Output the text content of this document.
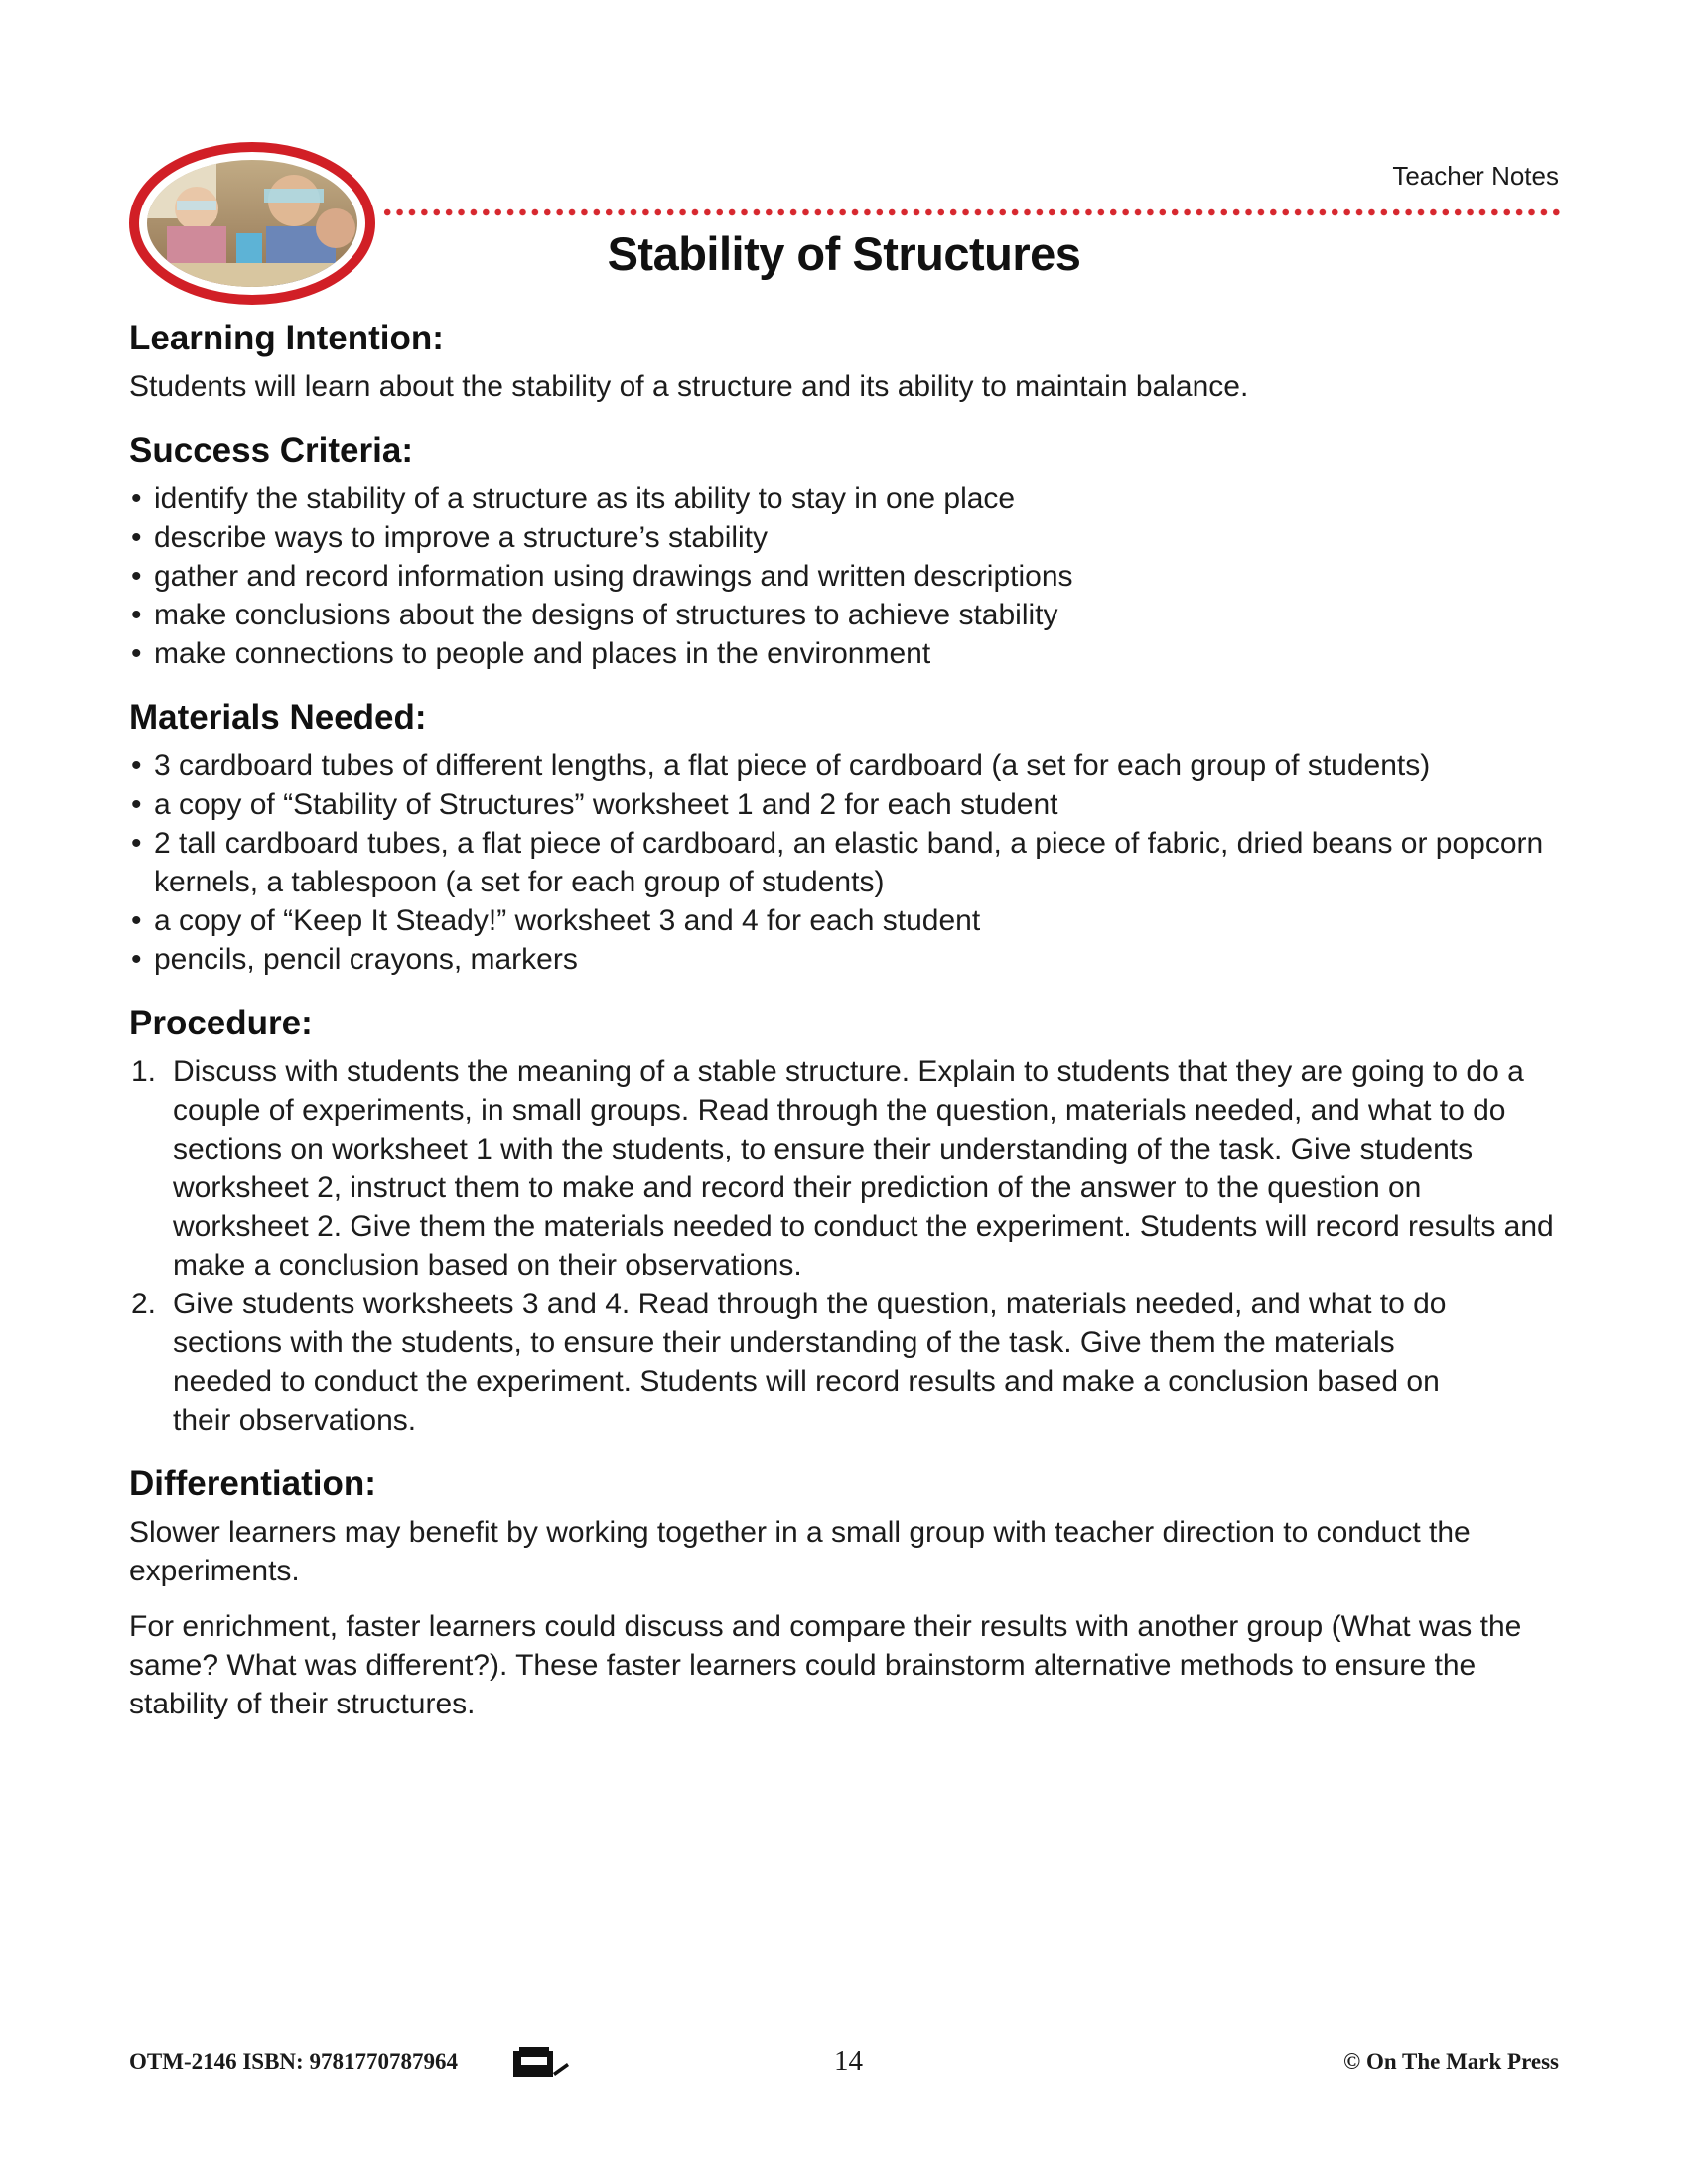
Teacher Notes
Stability of Structures
Learning Intention:

Students will learn about the stability of a structure and its ability to maintain balance.

Success Criteria:
• identify the stability of a structure as its ability to stay in one place
• describe ways to improve a structure’s stability
• gather and record information using drawings and written descriptions
• make conclusions about the designs of structures to achieve stability
• make connections to people and places in the environment
Materials Needed:
• 3 cardboard tubes of different lengths, a flat piece of cardboard (a set for each group of students)
• a copy of “Stability of Structures” worksheet 1 and 2 for each student
• 2 tall cardboard tubes, a flat piece of cardboard, an elastic band, a piece of fabric, dried beans or popcorn kernels, a tablespoon (a set for each group of students)
• a copy of “Keep It Steady!” worksheet 3 and 4 for each student
• pencils, pencil crayons, markers
Procedure:
1. Discuss with students the meaning of a stable structure. Explain to students that they are going to do a couple of experiments, in small groups. Read through the question, materials needed, and what to do sections on worksheet 1 with the students, to ensure their understanding of the task. Give students worksheet 2, instruct them to make and record their prediction of the answer to the question on worksheet 2. Give them the materials needed to conduct the experiment. Students will record results and make a conclusion based on their observations.
2. Give students worksheets 3 and 4. Read through the question, materials needed, and what to do sections with the students, to ensure their understanding of the task. Give them the materials needed to conduct the experiment. Students will record results and make a conclusion based on their observations.
Differentiation:

Slower learners may benefit by working together in a small group with teacher direction to conduct the experiments.

For enrichment, faster learners could discuss and compare their results with another group (What was the same? What was different?). These faster learners could brainstorm alternative methods to ensure the stability of their structures.

OTM-2146 ISBN: 9781770787964	14	© On The Mark Press
